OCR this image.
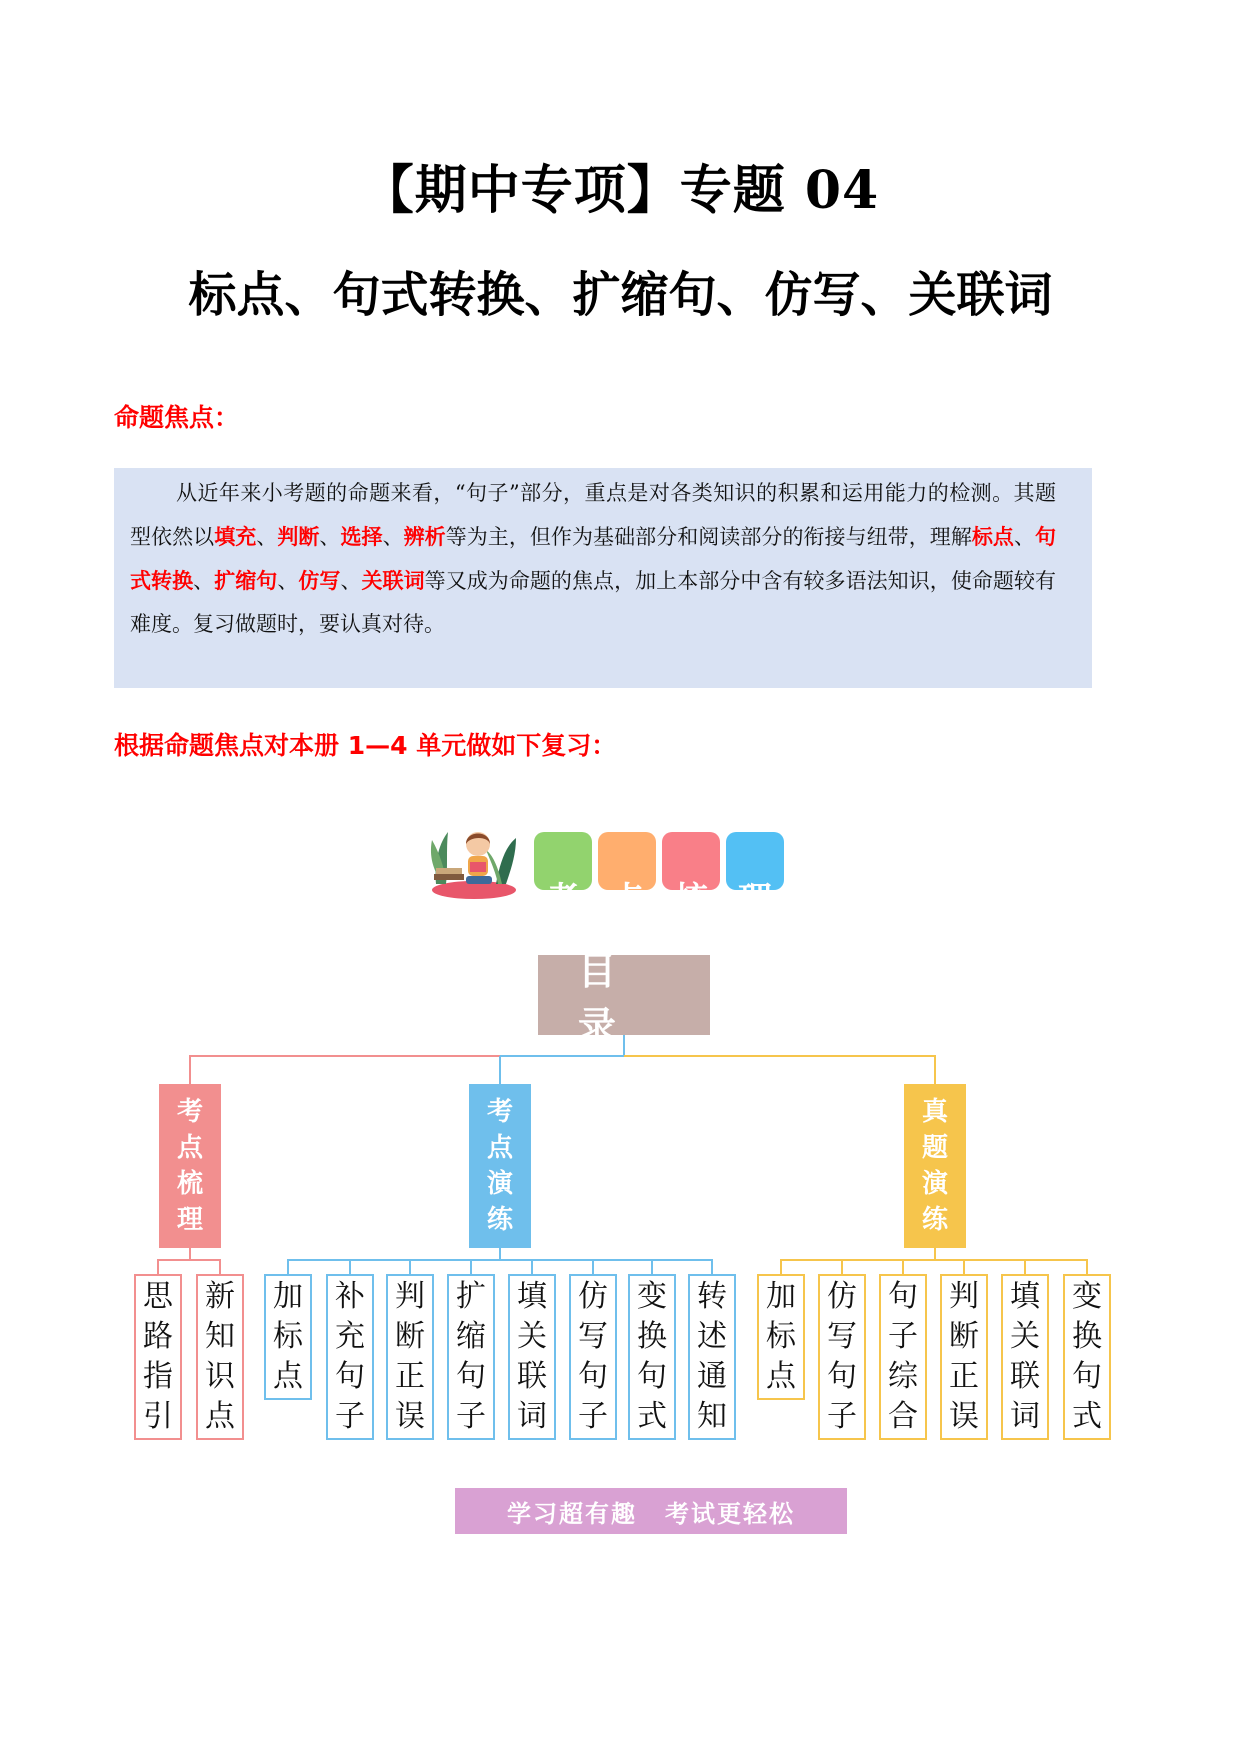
【期中专项】专题 04
标点、句式转换、扩缩句、仿写、关联词
命题焦点：
从近年来小考题的命题来看，“句子”部分，重点是对各类知识的积累和运用能力的检测。其题型依然以填充、判断、选择、辨析等为主，但作为基础部分和阅读部分的衔接与纽带，理解标点、句式转换、扩缩句、仿写、关联词等又成为命题的焦点，加上本部分中含有较多语法知识，使命题较有难度。复习做题时，要认真对待。
根据命题焦点对本册 1—4 单元做如下复习：
考 点 梳 理
目录
考点梳理
考点演练
真题演练
思路指引
新知识点
加标点
补充句子
判断正误
扩缩句子
填关联词
仿写句子
变换句式
转述通知
加标点
仿写句子
句子综合
判断正误
填关联词
变换句式
学习超有趣 考试更轻松
